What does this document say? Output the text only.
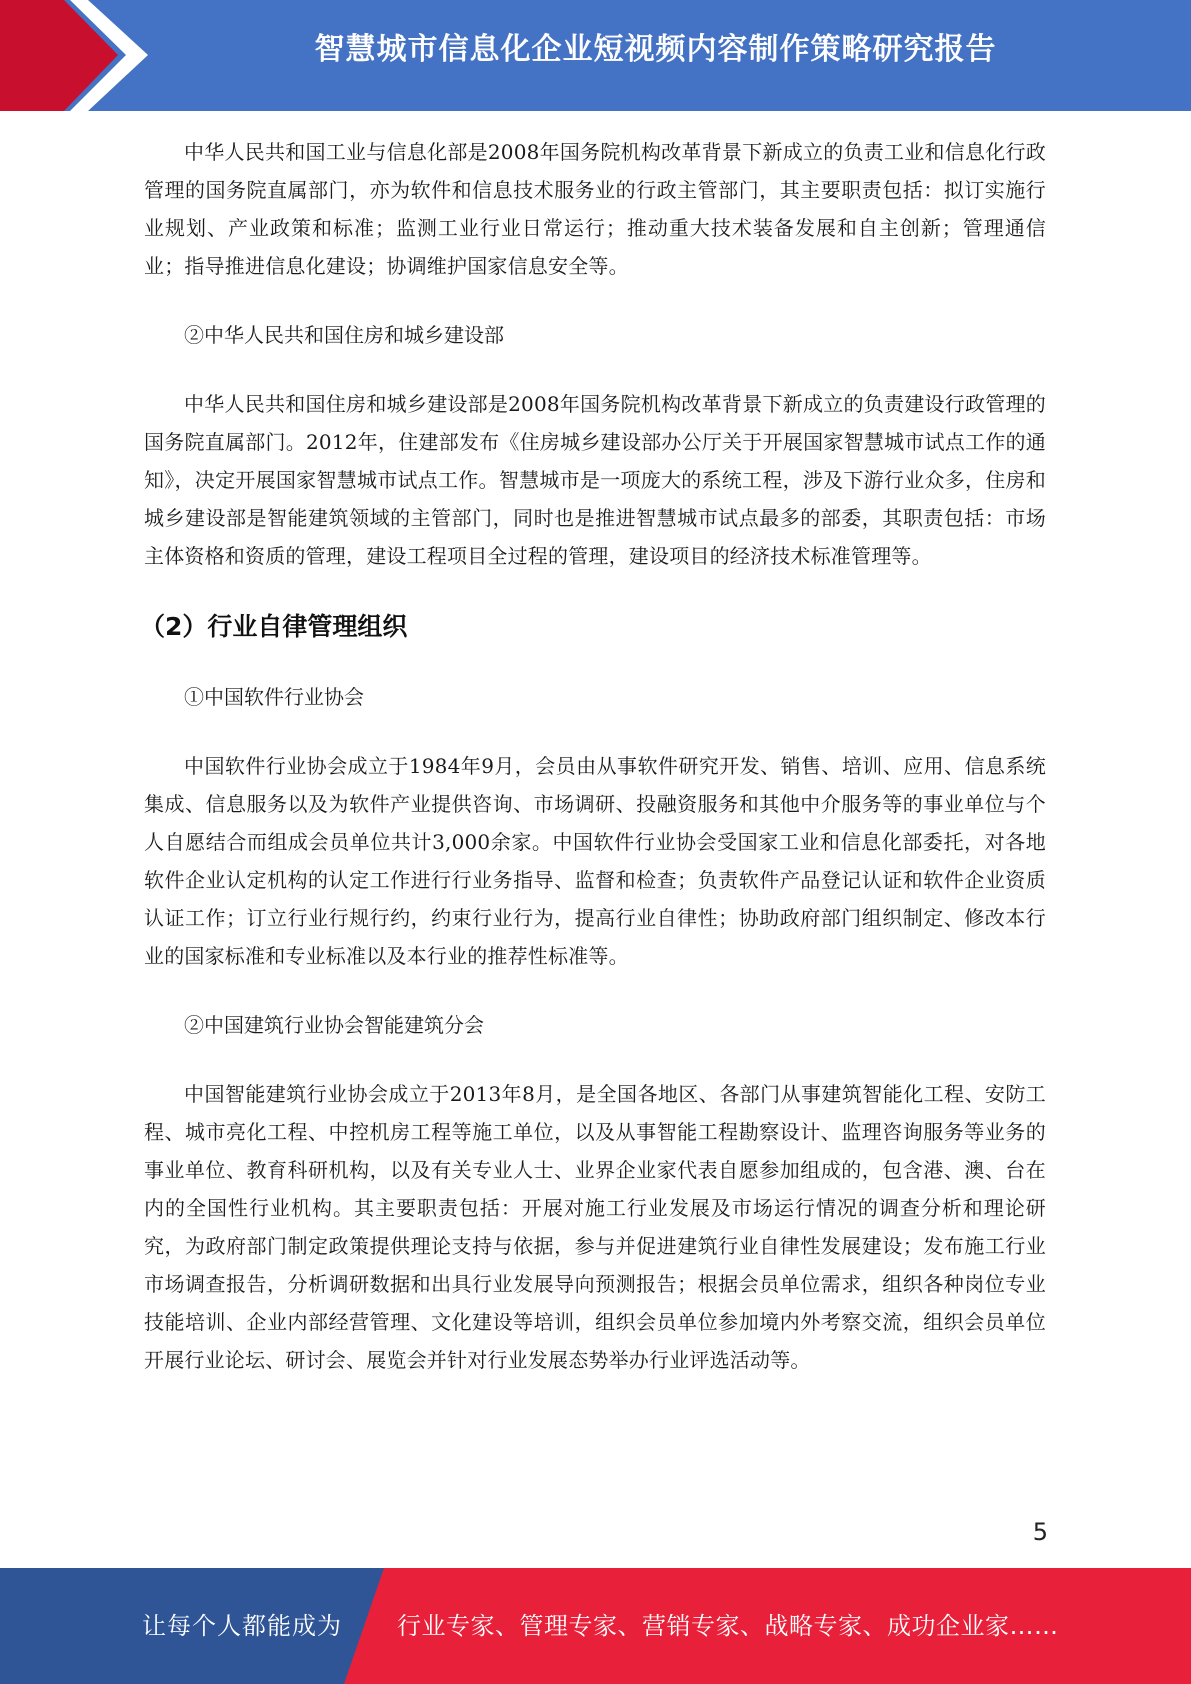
智慧城市信息化企业短视频内容制作策略研究报告

中华人民共和国工业与信息化部是2008年国务院机构改革背景下新成立的负责工业和信息化行政管理的国务院直属部门，亦为软件和信息技术服务业的行政主管部门，其主要职责包括：拟订实施行业规划、产业政策和标准；监测工业行业日常运行；推动重大技术装备发展和自主创新；管理通信业；指导推进信息化建设；协调维护国家信息安全等。

②中华人民共和国住房和城乡建设部

中华人民共和国住房和城乡建设部是2008年国务院机构改革背景下新成立的负责建设行政管理的国务院直属部门。2012年，住建部发布《住房城乡建设部办公厅关于开展国家智慧城市试点工作的通知》，决定开展国家智慧城市试点工作。智慧城市是一项庞大的系统工程，涉及下游行业众多，住房和城乡建设部是智能建筑领域的主管部门，同时也是推进智慧城市试点最多的部委，其职责包括：市场主体资格和资质的管理，建设工程项目全过程的管理，建设项目的经济技术标准管理等。

（2）行业自律管理组织

①中国软件行业协会

中国软件行业协会成立于1984年9月，会员由从事软件研究开发、销售、培训、应用、信息系统集成、信息服务以及为软件产业提供咨询、市场调研、投融资服务和其他中介服务等的事业单位与个人自愿结合而组成会员单位共计3,000余家。中国软件行业协会受国家工业和信息化部委托，对各地软件企业认定机构的认定工作进行行业务指导、监督和检查；负责软件产品登记认证和软件企业资质认证工作；订立行业行规行约，约束行业行为，提高行业自律性；协助政府部门组织制定、修改本行业的国家标准和专业标准以及本行业的推荐性标准等。

②中国建筑行业协会智能建筑分会

中国智能建筑行业协会成立于2013年8月，是全国各地区、各部门从事建筑智能化工程、安防工程、城市亮化工程、中控机房工程等施工单位，以及从事智能工程勘察设计、监理咨询服务等业务的事业单位、教育科研机构，以及有关专业人士、业界企业家代表自愿参加组成的，包含港、澳、台在内的全国性行业机构。其主要职责包括：开展对施工行业发展及市场运行情况的调查分析和理论研究，为政府部门制定政策提供理论支持与依据，参与并促进建筑行业自律性发展建设；发布施工行业市场调查报告，分析调研数据和出具行业发展导向预测报告；根据会员单位需求，组织各种岗位专业技能培训、企业内部经营管理、文化建设等培训，组织会员单位参加境内外考察交流，组织会员单位开展行业论坛、研讨会、展览会并针对行业发展态势举办行业评选活动等。

5
让每个人都能成为 行业专家、管理专家、营销专家、战略专家、成功企业家……
